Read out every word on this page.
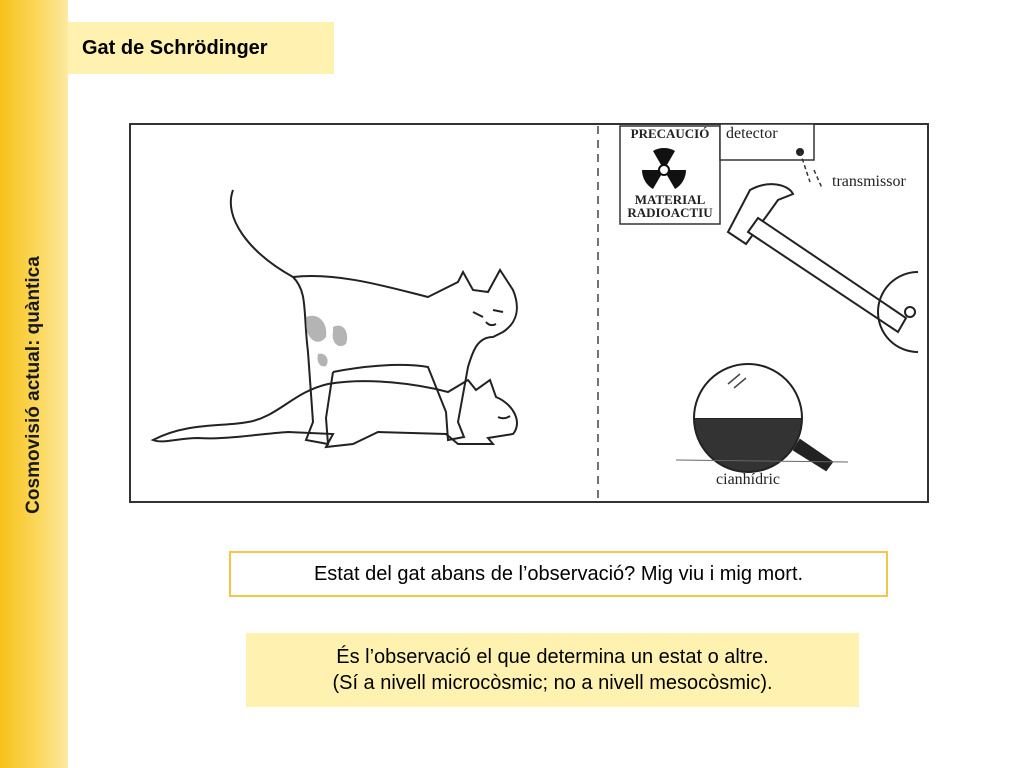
Cosmovisió actual: quàntica
Gat de Schrödinger
PRECAUCIÓ
MATERIAL
RADIOACTIU
detector
transmissor
cianhídric
Estat del gat abans de l’observació? Mig viu i mig mort.
És l’observació el que determina un estat o altre.
(Sí a nivell microcòsmic; no a nivell mesocòsmic).
